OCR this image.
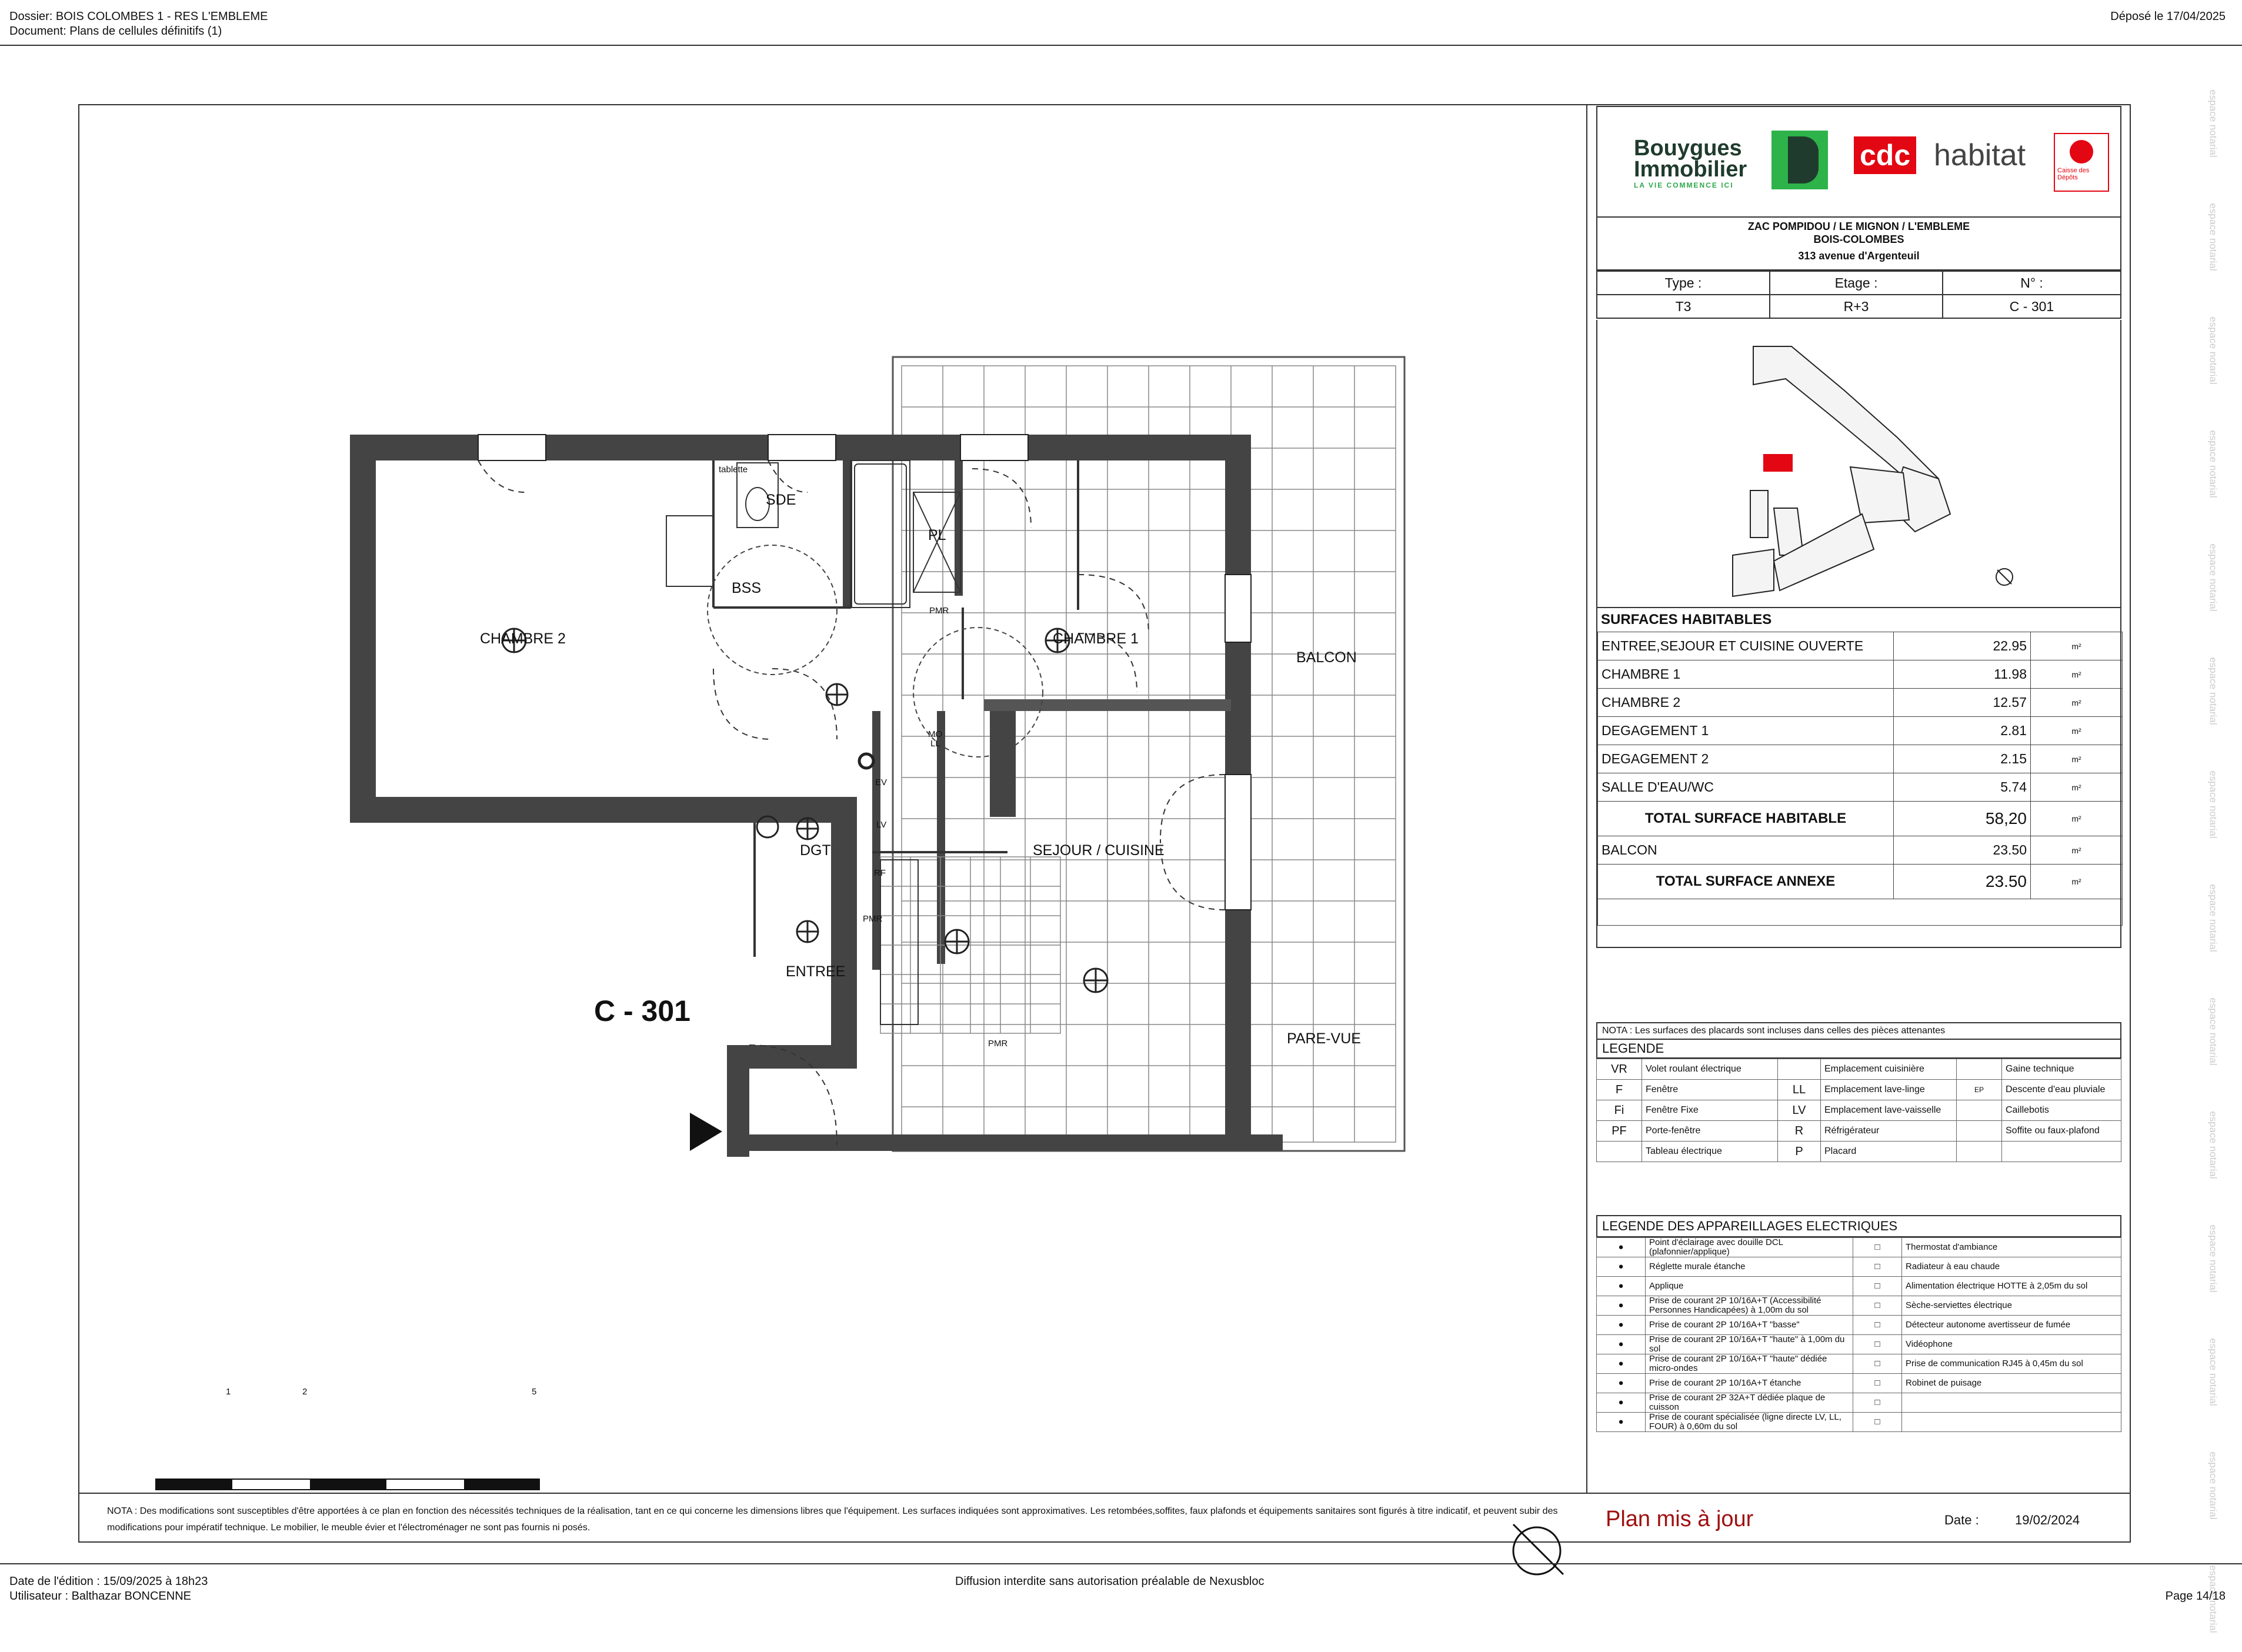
Dossier: BOIS COLOMBES 1 - RES L'EMBLEME
Document: Plans de cellules définitifs (1)
Déposé le 17/04/2025
espace notarial
espace notarial
espace notarial
espace notarial
espace notarial
espace notarial
espace notarial
espace notarial
espace notarial
espace notarial
espace notarial
espace notarial
espace notarial
espace notarial
CHAMBRE 2	CHAMBRE 1
SDE
PL
BSS
tablette
BALCON
DGT	SEJOUR / CUISINE
ENTREE
PARE-VUE
C - 301
EV
LV
RF
MO
LL
PMR
PMR
PMR
1	2	5
Bouygues
Immobilier
LA VIE COMMENCE ICI
cdc habitat	Caisse des Dépôts
ZAC POMPIDOU / LE MIGNON / L'EMBLEME
BOIS-COLOMBES
313 avenue d'Argenteuil
Type :	Etage :	N° :
T3	R+3	C - 301
SURFACES HABITABLES
ENTREE,SEJOUR ET CUISINE OUVERTE	22.95	m²
CHAMBRE 1	11.98	m²
CHAMBRE 2	12.57	m²
DEGAGEMENT 1	2.81	m²
DEGAGEMENT 2	2.15	m²
SALLE D'EAU/WC	5.74	m²
TOTAL SURFACE HABITABLE	58,20	m²
BALCON	23.50	m²
TOTAL SURFACE ANNEXE	23.50	m²

NOTA : Les surfaces des placards sont incluses dans celles des pièces attenantes
LEGENDE
VR	Volet roulant électrique		Emplacement cuisinière		Gaine technique
F	Fenêtre	LL	Emplacement lave-linge	EP	Descente d'eau pluviale
Fi	Fenêtre Fixe	LV	Emplacement lave-vaisselle		Caillebotis
PF	Porte-fenêtre	R	Réfrigérateur		Soffite ou faux-plafond
	Tableau électrique	P	Placard		
LEGENDE DES APPAREILLAGES ELECTRIQUES
●	Point d'éclairage avec douille DCL (plafonnier/applique)	□	Thermostat d'ambiance
●	Réglette murale étanche	□	Radiateur à eau chaude
●	Applique	□	Alimentation électrique HOTTE à 2,05m du sol
●	Prise de courant 2P 10/16A+T (Accessibilité Personnes Handicapées) à 1,00m du sol	□	Sèche-serviettes électrique
●	Prise de courant 2P 10/16A+T "basse"	□	Détecteur autonome avertisseur de fumée
●	Prise de courant 2P 10/16A+T "haute" à 1,00m du sol	□	Vidéophone
●	Prise de courant 2P 10/16A+T "haute" dédiée micro-ondes	□	Prise de communication RJ45 à 0,45m du sol
●	Prise de courant 2P 10/16A+T étanche	□	Robinet de puisage
●	Prise de courant 2P 32A+T dédiée plaque de cuisson	□	
●	Prise de courant spécialisée (ligne directe LV, LL, FOUR) à 0,60m du sol	□	
NOTA : Des modifications sont susceptibles d'être apportées à ce plan en fonction des nécessités techniques de la réalisation, tant en ce qui concerne les dimensions libres que l'équipement. Les surfaces indiquées sont approximatives. Les retombées,soffites, faux plafonds et équipements sanitaires sont figurés à titre indicatif, et peuvent subir des modifications pour impératif technique. Le mobilier, le meuble évier et l'électroménager ne sont pas fournis ni posés.	Plan mis à jour	Date :	19/02/2024
Date de l'édition : 15/09/2025 à 18h23
Utilisateur : Balthazar BONCENNE
Diffusion interdite sans autorisation préalable de Nexusbloc
Page 14/18
